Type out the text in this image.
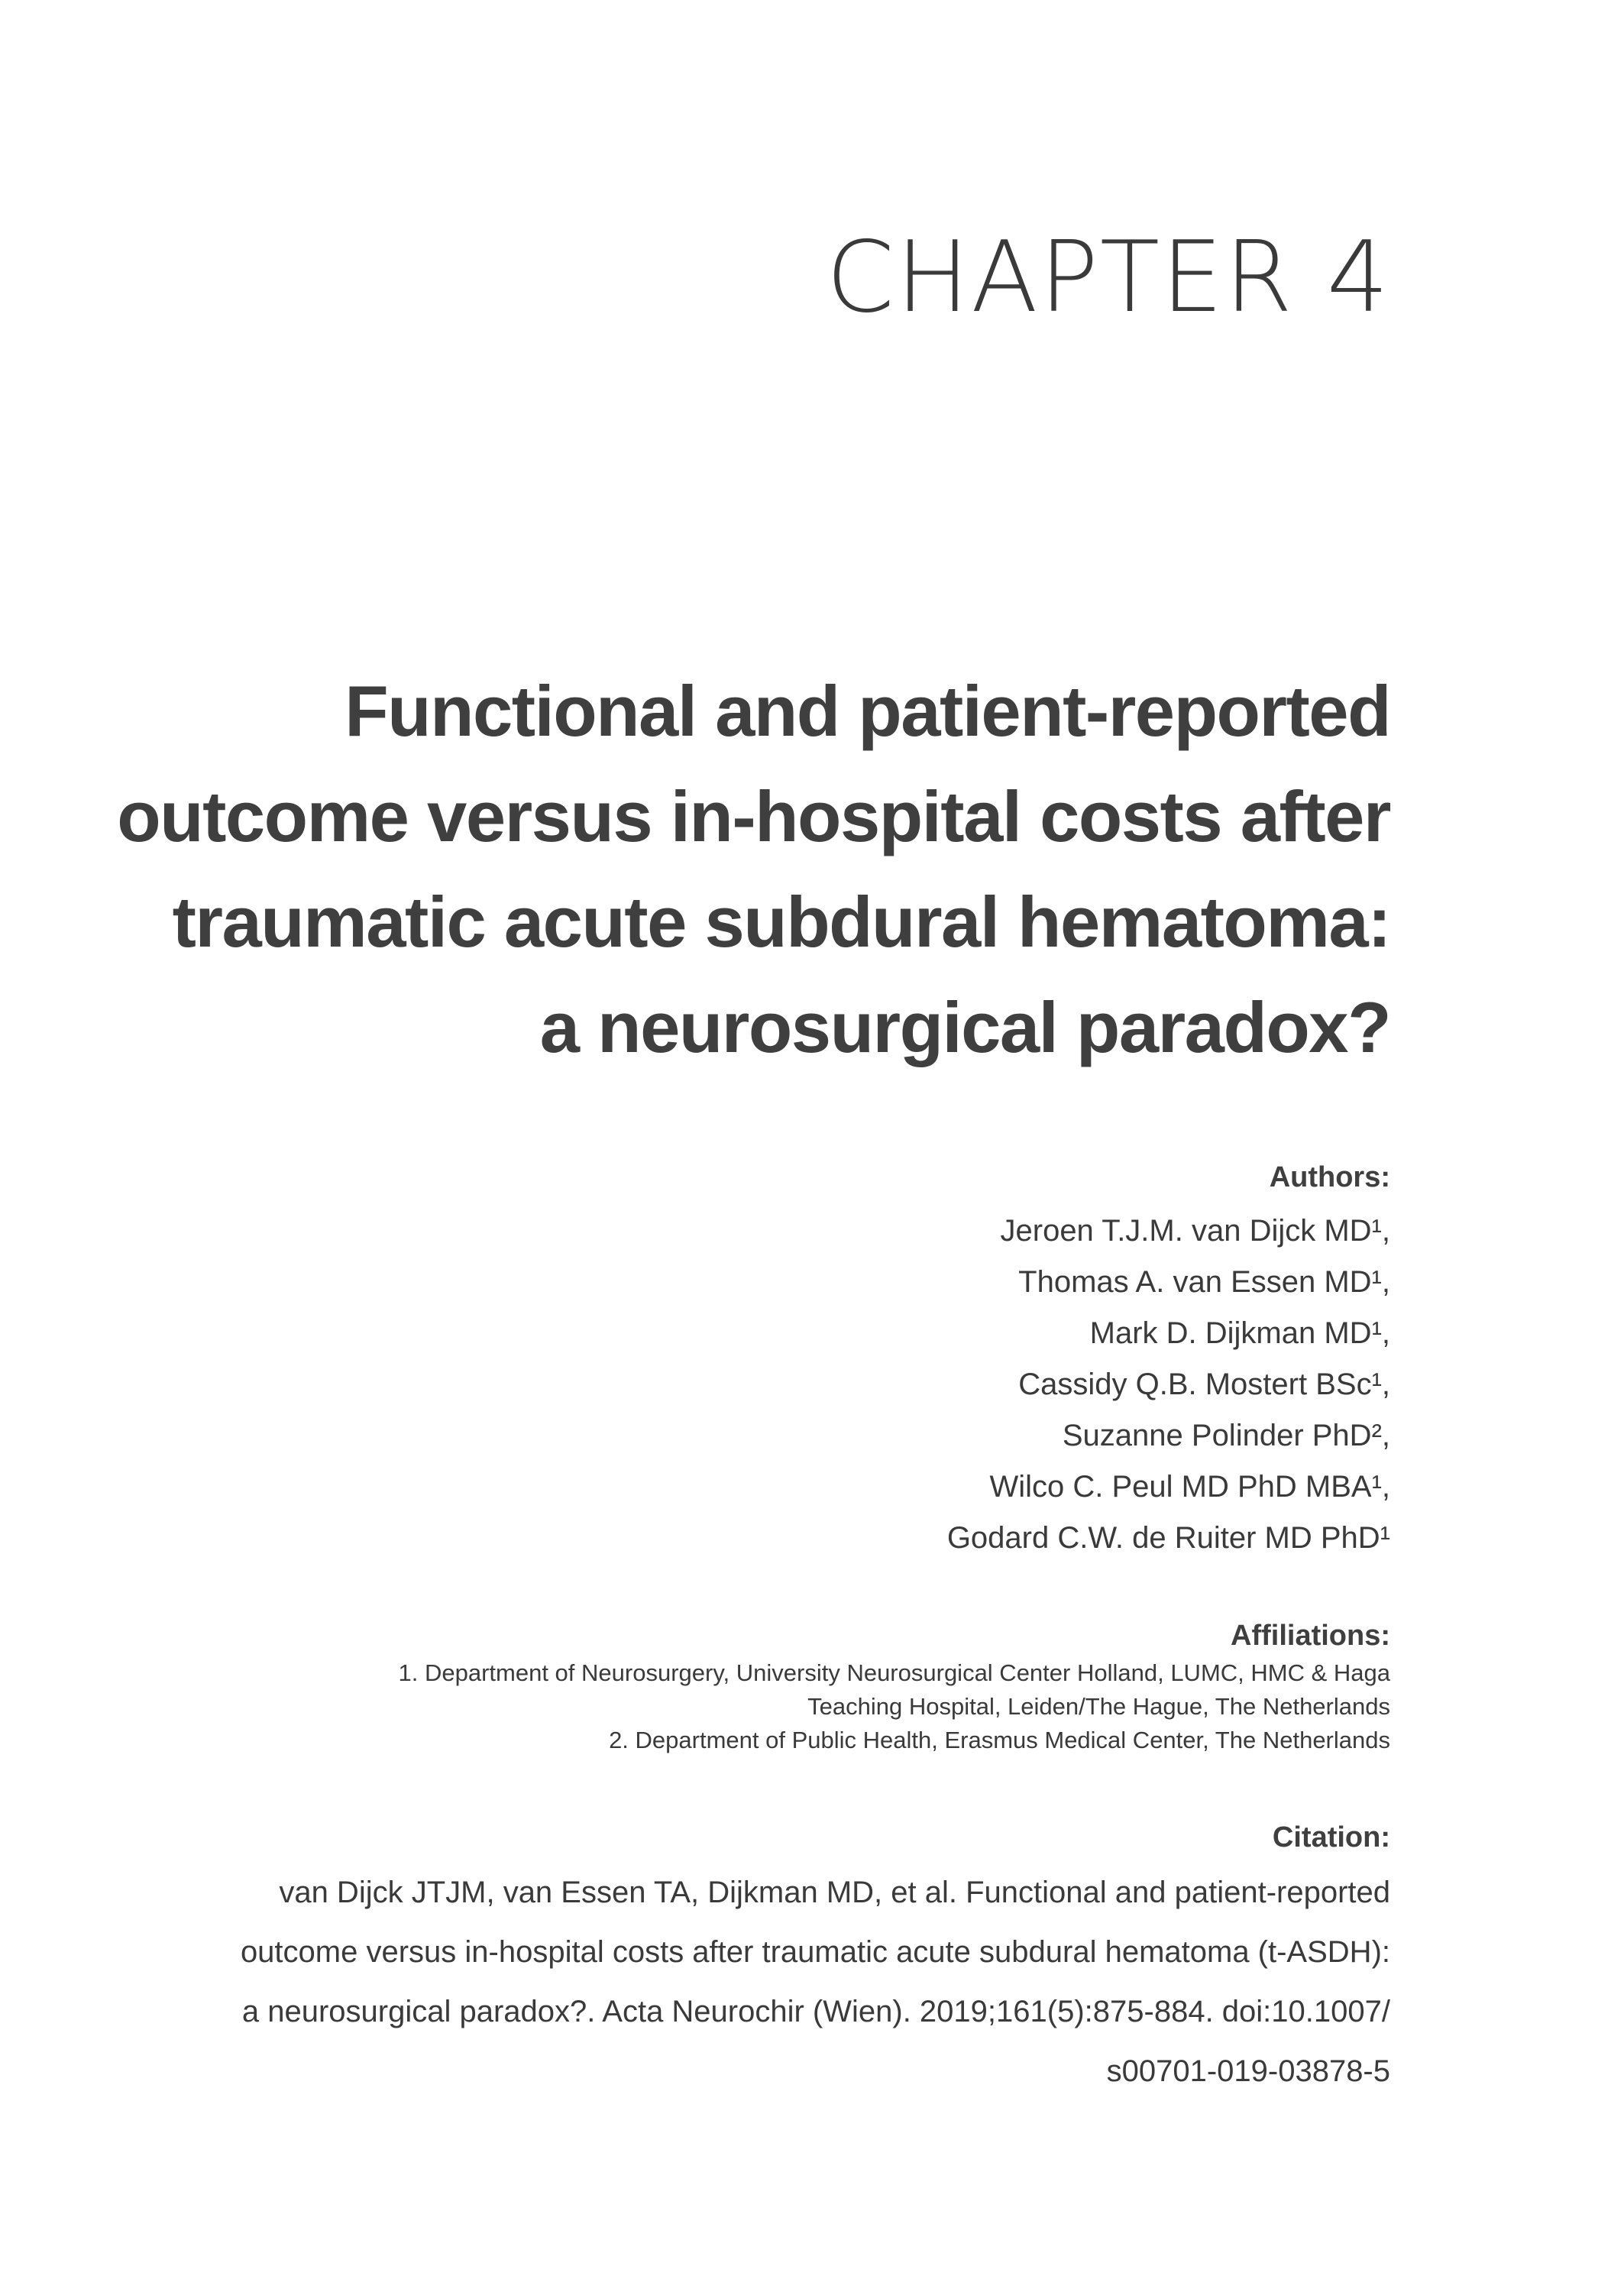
CHAPTER 4
Functional and patient-reported
outcome versus in-hospital costs after
traumatic acute subdural hematoma:
a neurosurgical paradox?
Authors:
Jeroen T.J.M. van Dijck MD¹,
Thomas A. van Essen MD¹,
Mark D. Dijkman MD¹,
Cassidy Q.B. Mostert BSc¹,
Suzanne Polinder PhD²,
Wilco C. Peul MD PhD MBA¹,
Godard C.W. de Ruiter MD PhD¹
Affiliations:
1. Department of Neurosurgery, University Neurosurgical Center Holland, LUMC, HMC & Haga
Teaching Hospital, Leiden/The Hague, The Netherlands
2. Department of Public Health, Erasmus Medical Center, The Netherlands
Citation:
van Dijck JTJM, van Essen TA, Dijkman MD, et al. Functional and patient-reported
outcome versus in-hospital costs after traumatic acute subdural hematoma (t-ASDH):
a neurosurgical paradox?. Acta Neurochir (Wien). 2019;161(5):875-884. doi:10.1007/
s00701-019-03878-5
